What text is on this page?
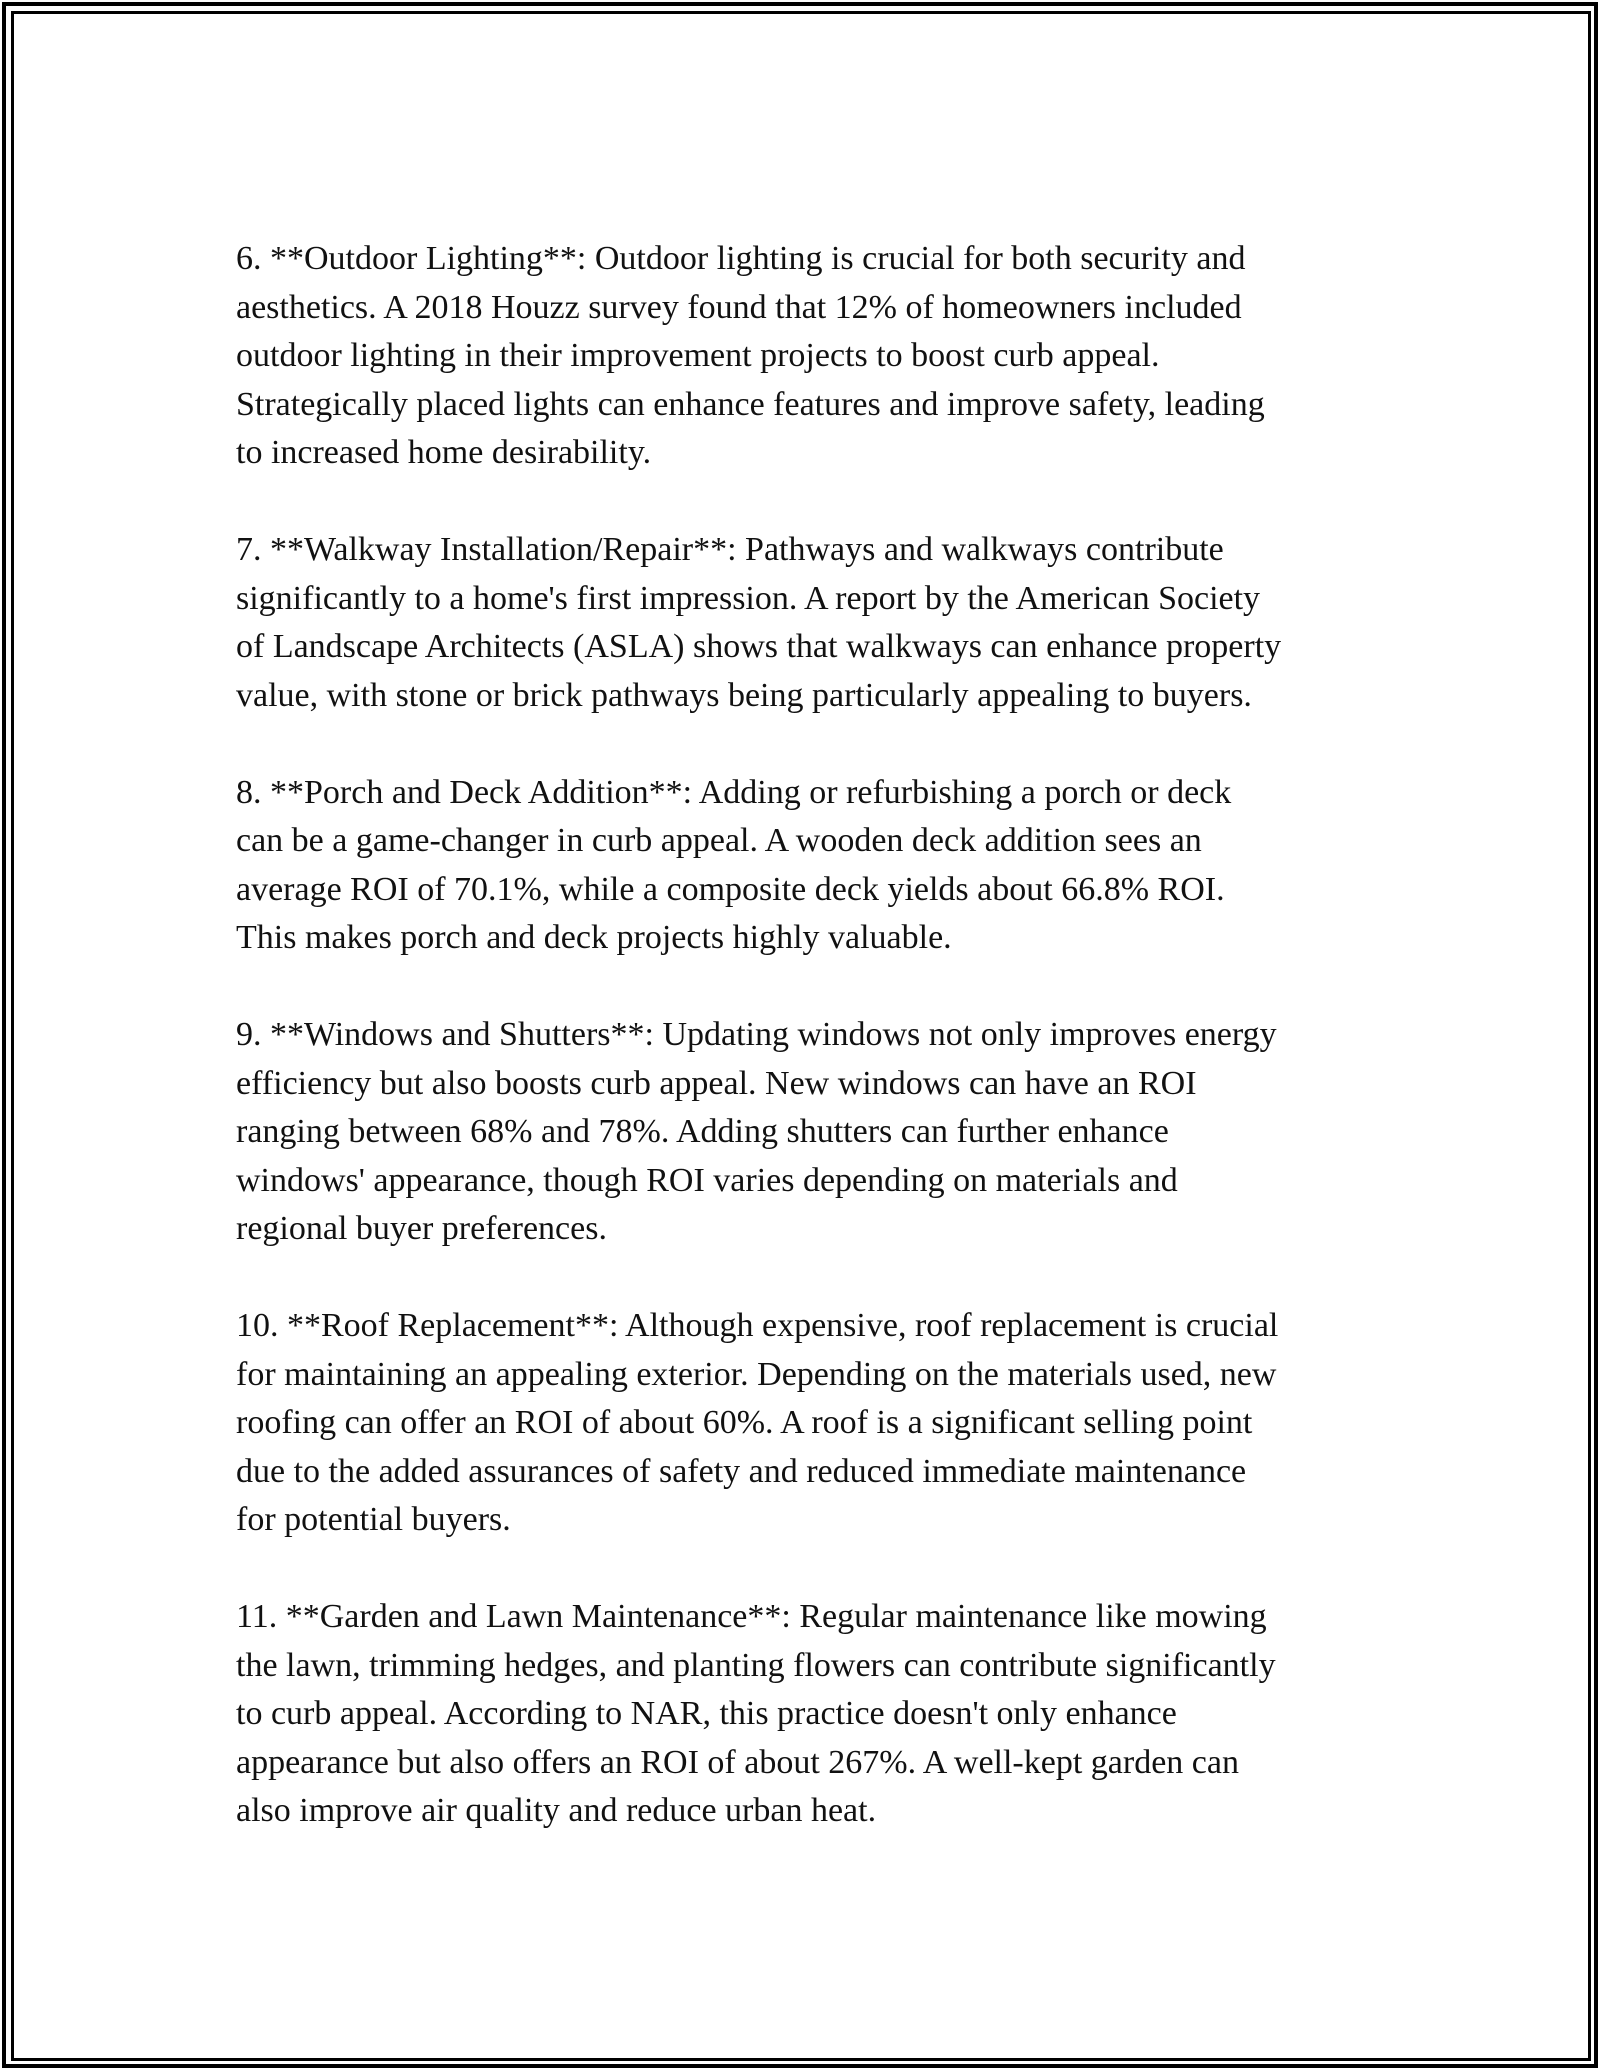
6. **Outdoor Lighting**: Outdoor lighting is crucial for both security and
aesthetics. A 2018 Houzz survey found that 12% of homeowners included
outdoor lighting in their improvement projects to boost curb appeal.
Strategically placed lights can enhance features and improve safety, leading
to increased home desirability.

7. **Walkway Installation/Repair**: Pathways and walkways contribute
significantly to a home's first impression. A report by the American Society
of Landscape Architects (ASLA) shows that walkways can enhance property
value, with stone or brick pathways being particularly appealing to buyers.

8. **Porch and Deck Addition**: Adding or refurbishing a porch or deck
can be a game-changer in curb appeal. A wooden deck addition sees an
average ROI of 70.1%, while a composite deck yields about 66.8% ROI.
This makes porch and deck projects highly valuable.

9. **Windows and Shutters**: Updating windows not only improves energy
efficiency but also boosts curb appeal. New windows can have an ROI
ranging between 68% and 78%. Adding shutters can further enhance
windows' appearance, though ROI varies depending on materials and
regional buyer preferences.

10. **Roof Replacement**: Although expensive, roof replacement is crucial
for maintaining an appealing exterior. Depending on the materials used, new
roofing can offer an ROI of about 60%. A roof is a significant selling point
due to the added assurances of safety and reduced immediate maintenance
for potential buyers.

11. **Garden and Lawn Maintenance**: Regular maintenance like mowing
the lawn, trimming hedges, and planting flowers can contribute significantly
to curb appeal. According to NAR, this practice doesn't only enhance
appearance but also offers an ROI of about 267%. A well-kept garden can
also improve air quality and reduce urban heat.
